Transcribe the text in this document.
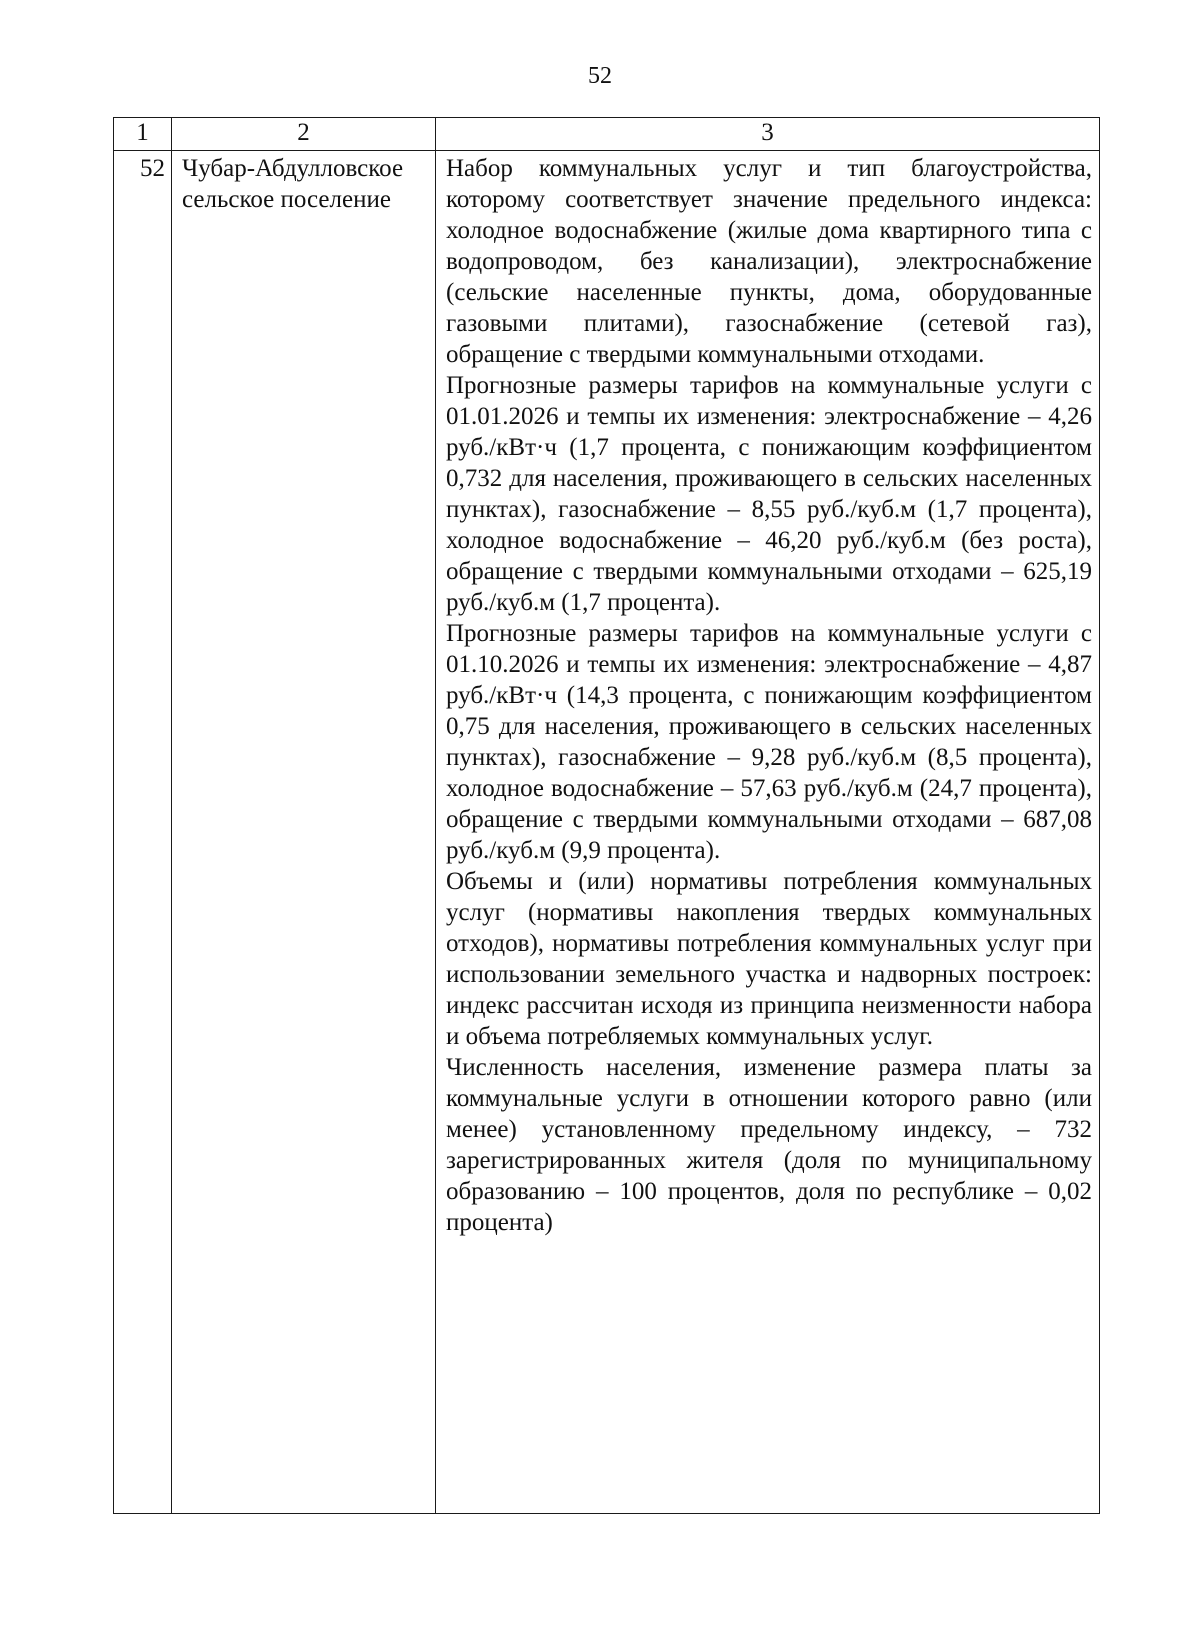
52
1	2	3
52	Чубар-Абдулловское сельское поселение	Набор коммунальных услуг и тип благоустройства, которому соответствует значение предельного индекса: холодное водоснабжение (жилые дома квартирного типа с водопроводом, без канализации), электроснабжение (сельские населенные пункты, дома, оборудованные газовыми плитами), газоснабжение (сетевой газ), обращение с твердыми коммунальными отходами.

Прогнозные размеры тарифов на коммунальные услуги с 01.01.2026 и темпы их изменения: электроснабжение – 4,26 руб./кВт·ч (1,7 процента, с понижающим коэффициентом 0,732 для населения, проживающего в сельских населенных пунктах), газоснабжение – 8,55 руб./куб.м (1,7 процента), холодное водоснабжение – 46,20 руб./куб.м (без роста), обращение с твердыми коммунальными отходами – 625,19 руб./куб.м (1,7 процента).

Прогнозные размеры тарифов на коммунальные услуги с 01.10.2026 и темпы их изменения: электроснабжение – 4,87 руб./кВт·ч (14,3 процента, с понижающим коэффициентом 0,75 для населения, проживающего в сельских населенных пунктах), газоснабжение – 9,28 руб./куб.м (8,5 процента), холодное водоснабжение – 57,63 руб./куб.м (24,7 процента), обращение с твердыми коммунальными отходами – 687,08 руб./куб.м (9,9 процента).

Объемы и (или) нормативы потребления коммунальных услуг (нормативы накопления твердых коммунальных отходов), нормативы потребления коммунальных услуг при использовании земельного участка и надворных построек: индекс рассчитан исходя из принципа неизменности набора и объема потребляемых коммунальных услуг.

Численность населения, изменение размера платы за коммунальные услуги в отношении которого равно (или менее) установленному предельному индексу, – 732 зарегистрированных жителя (доля по муниципальному образованию – 100 процентов, доля по республике – 0,02 процента)
